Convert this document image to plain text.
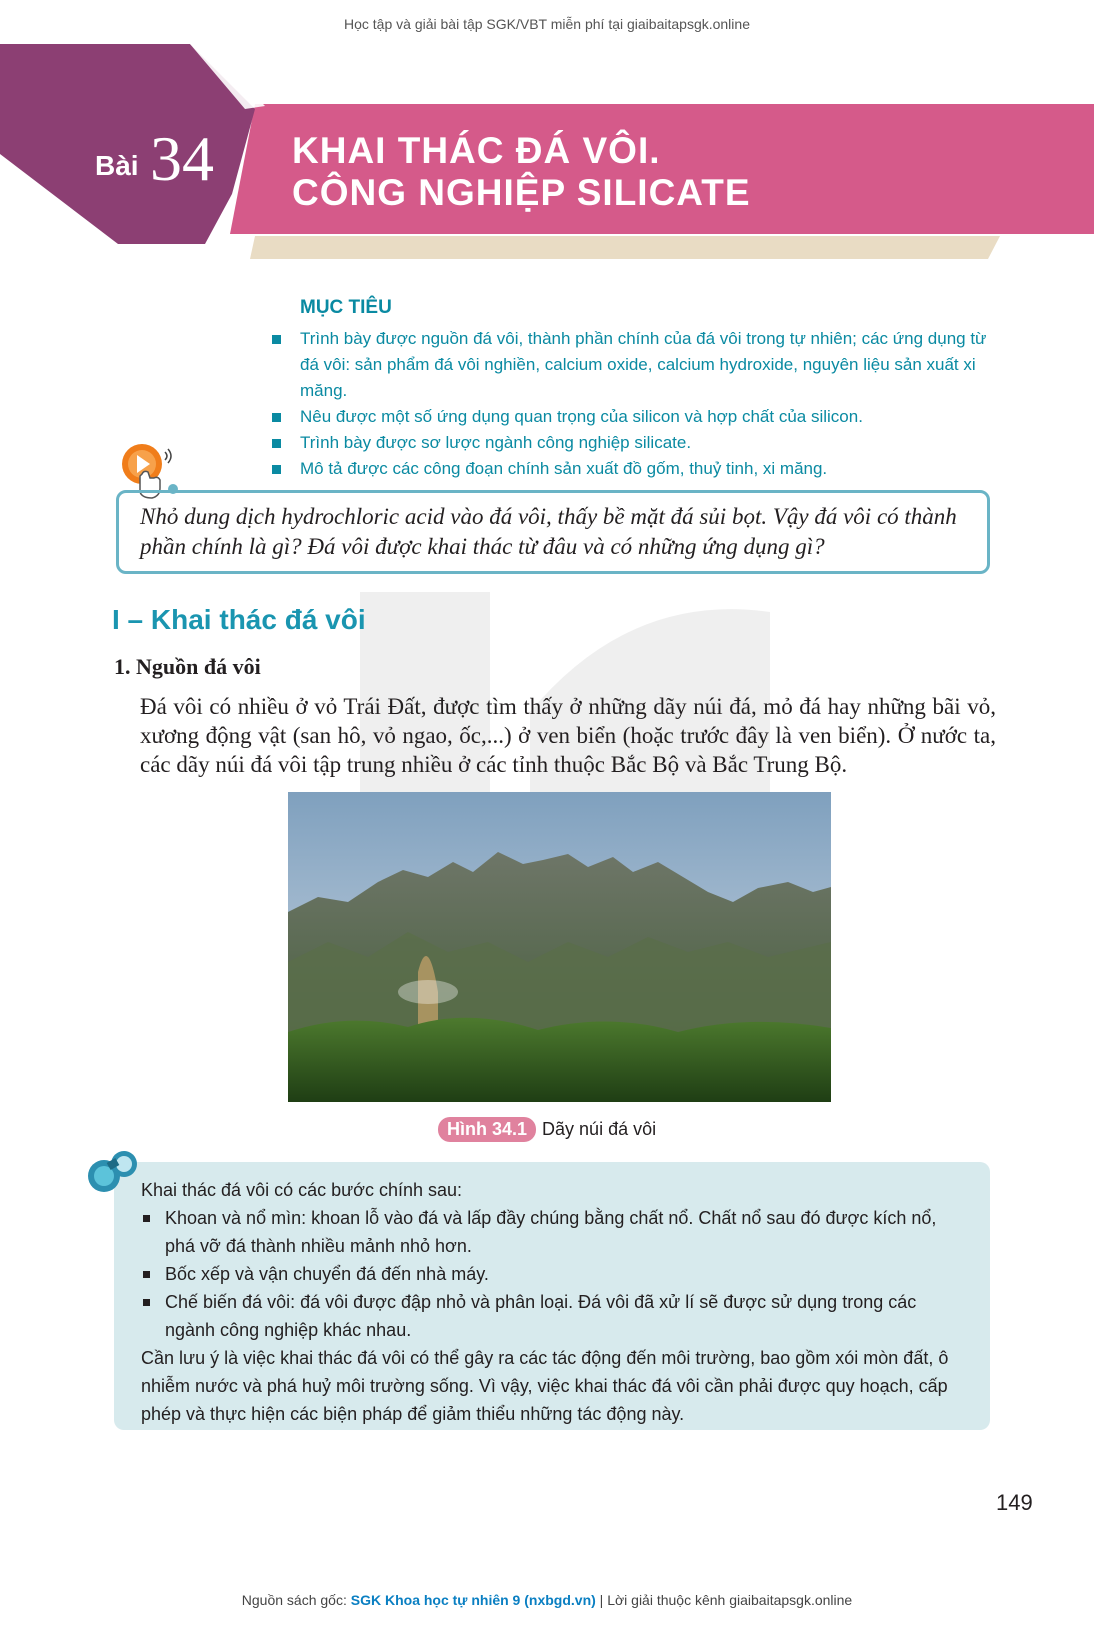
Học tập và giải bài tập SGK/VBT miễn phí tại giaibaitapsgk.online
Bài 34 KHAI THÁC ĐÁ VÔI.
CÔNG NGHIỆP SILICATE
MỤC TIÊU
Trình bày được nguồn đá vôi, thành phần chính của đá vôi trong tự nhiên; các ứng dụng từ đá vôi: sản phẩm đá vôi nghiền, calcium oxide, calcium hydroxide, nguyên liệu sản xuất xi măng.
Nêu được một số ứng dụng quan trọng của silicon và hợp chất của silicon.
Trình bày được sơ lược ngành công nghiệp silicate.
Mô tả được các công đoạn chính sản xuất đồ gốm, thuỷ tinh, xi măng.
Nhỏ dung dịch hydrochloric acid vào đá vôi, thấy bề mặt đá sủi bọt. Vậy đá vôi có thành phần chính là gì? Đá vôi được khai thác từ đâu và có những ứng dụng gì?
I – Khai thác đá vôi
1. Nguồn đá vôi
Đá vôi có nhiều ở vỏ Trái Đất, được tìm thấy ở những dãy núi đá, mỏ đá hay những bãi vỏ, xương động vật (san hô, vỏ ngao, ốc,...) ở ven biển (hoặc trước đây là ven biển). Ở nước ta, các dãy núi đá vôi tập trung nhiều ở các tỉnh thuộc Bắc Bộ và Bắc Trung Bộ.
Hình 34.1 Dãy núi đá vôi
Khai thác đá vôi có các bước chính sau:
Khoan và nổ mìn: khoan lỗ vào đá và lấp đầy chúng bằng chất nổ. Chất nổ sau đó được kích nổ, phá vỡ đá thành nhiều mảnh nhỏ hơn.
Bốc xếp và vận chuyển đá đến nhà máy.
Chế biến đá vôi: đá vôi được đập nhỏ và phân loại. Đá vôi đã xử lí sẽ được sử dụng trong các ngành công nghiệp khác nhau.
Cần lưu ý là việc khai thác đá vôi có thể gây ra các tác động đến môi trường, bao gồm xói mòn đất, ô nhiễm nước và phá huỷ môi trường sống. Vì vậy, việc khai thác đá vôi cần phải được quy hoạch, cấp phép và thực hiện các biện pháp để giảm thiểu những tác động này.
149
Nguồn sách gốc: SGK Khoa học tự nhiên 9 (nxbgd.vn) | Lời giải thuộc kênh giaibaitapsgk.online
